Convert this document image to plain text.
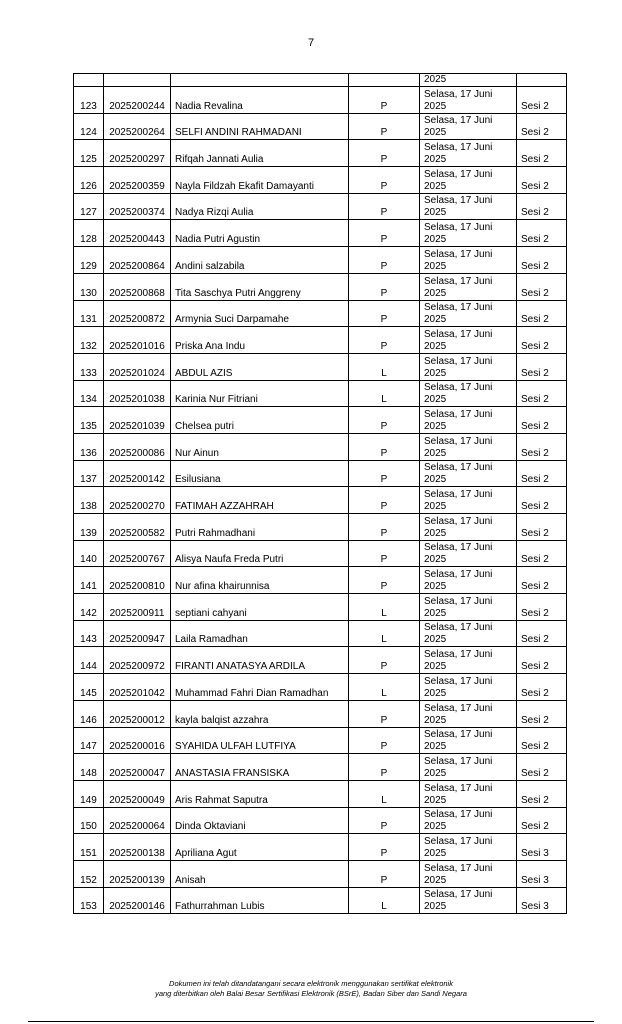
7
				2025	
123	2025200244	Nadia Revalina	P	Selasa, 17 Juni 2025	Sesi 2
124	2025200264	SELFI ANDINI RAHMADANI	P	Selasa, 17 Juni 2025	Sesi 2
125	2025200297	Rifqah Jannati Aulia	P	Selasa, 17 Juni 2025	Sesi 2
126	2025200359	Nayla Fildzah Ekafit Damayanti	P	Selasa, 17 Juni 2025	Sesi 2
127	2025200374	Nadya Rizqi Aulia	P	Selasa, 17 Juni 2025	Sesi 2
128	2025200443	Nadia Putri Agustin	P	Selasa, 17 Juni 2025	Sesi 2
129	2025200864	Andini salzabila	P	Selasa, 17 Juni 2025	Sesi 2
130	2025200868	Tita Saschya Putri Anggreny	P	Selasa, 17 Juni 2025	Sesi 2
131	2025200872	Armynia Suci Darpamahe	P	Selasa, 17 Juni 2025	Sesi 2
132	2025201016	Priska Ana Indu	P	Selasa, 17 Juni 2025	Sesi 2
133	2025201024	ABDUL AZIS	L	Selasa, 17 Juni 2025	Sesi 2
134	2025201038	Karinia Nur Fitriani	L	Selasa, 17 Juni 2025	Sesi 2
135	2025201039	Chelsea putri	P	Selasa, 17 Juni 2025	Sesi 2
136	2025200086	Nur Ainun	P	Selasa, 17 Juni 2025	Sesi 2
137	2025200142	Esilusiana	P	Selasa, 17 Juni 2025	Sesi 2
138	2025200270	FATIMAH AZZAHRAH	P	Selasa, 17 Juni 2025	Sesi 2
139	2025200582	Putri Rahmadhani	P	Selasa, 17 Juni 2025	Sesi 2
140	2025200767	Alisya Naufa Freda Putri	P	Selasa, 17 Juni 2025	Sesi 2
141	2025200810	Nur afina khairunnisa	P	Selasa, 17 Juni 2025	Sesi 2
142	2025200911	septiani cahyani	L	Selasa, 17 Juni 2025	Sesi 2
143	2025200947	Laila Ramadhan	L	Selasa, 17 Juni 2025	Sesi 2
144	2025200972	FIRANTI ANATASYA ARDILA	P	Selasa, 17 Juni 2025	Sesi 2
145	2025201042	Muhammad Fahri Dian Ramadhan	L	Selasa, 17 Juni 2025	Sesi 2
146	2025200012	kayla balqist azzahra	P	Selasa, 17 Juni 2025	Sesi 2
147	2025200016	SYAHIDA ULFAH LUTFIYA	P	Selasa, 17 Juni 2025	Sesi 2
148	2025200047	ANASTASIA FRANSISKA	P	Selasa, 17 Juni 2025	Sesi 2
149	2025200049	Aris Rahmat Saputra	L	Selasa, 17 Juni 2025	Sesi 2
150	2025200064	Dinda Oktaviani	P	Selasa, 17 Juni 2025	Sesi 2
151	2025200138	Apriliana Agut	P	Selasa, 17 Juni 2025	Sesi 3
152	2025200139	Anisah	P	Selasa, 17 Juni 2025	Sesi 3
153	2025200146	Fathurrahman Lubis	L	Selasa, 17 Juni 2025	Sesi 3
Dokumen ini telah ditandatangani secara elektronik menggunakan sertifikat elektronik
yang diterbitkan oleh Balai Besar Sertifikasi Elektronik (BSrE), Badan Siber dan Sandi Negara
